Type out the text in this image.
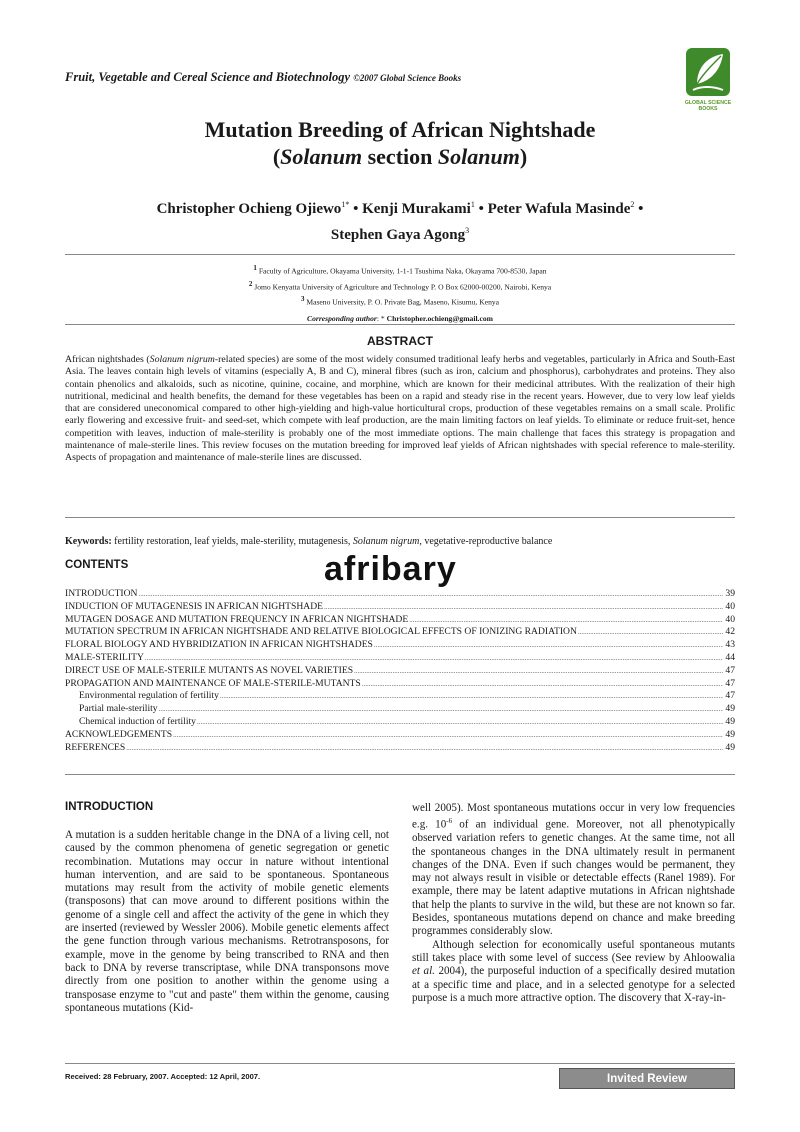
Fruit, Vegetable and Cereal Science and Biotechnology ©2007 Global Science Books
GLOBAL SCIENCE
BOOKS
Mutation Breeding of African Nightshade
(Solanum section Solanum)
Christopher Ochieng Ojiewo$^{1*}$ • Kenji Murakami$^1$ • Peter Wafula Masinde$^2$ •
Stephen Gaya Agong$^3$
$^1$ Faculty of Agriculture, Okayama University, 1-1-1 Tsushima Naka, Okayama 700-8530, Japan
$^2$ Jomo Kenyatta University of Agriculture and Technology P. O Box 62000-00200, Nairobi, Kenya
$^3$ Maseno University, P. O. Private Bag, Maseno, Kisumu, Kenya
Corresponding author: * Christopher.ochieng@gmail.com
ABSTRACT
African nightshades (Solanum nigrum-related species) are some of the most widely consumed traditional leafy herbs and vegetables, particularly in Africa and South-East Asia. The leaves contain high levels of vitamins (especially A, B and C), mineral fibres (such as iron, calcium and phosphorus), carbohydrates and proteins. They also contain phenolics and alkaloids, such as nicotine, quinine, cocaine, and morphine, which are known for their medicinal attributes. With the realization of their high nutritional, medicinal and health benefits, the demand for these vegetables has been on a rapid and steady rise in the recent years. However, due to very low leaf yields that are considered uneconomical compared to other high-yielding and high-value horticultural crops, production of these vegetables remains on a small scale. Prolific early flowering and excessive fruit- and seed-set, which compete with leaf production, are the main limiting factors on leaf yields. To eliminate or reduce fruit-set, hence competition with leaves, induction of male-sterility is probably one of the most immediate options. The main challenge that faces this strategy is propagation and maintenance of male-sterile lines. This review focuses on the mutation breeding for improved leaf yields of African nightshades with special reference to male-sterility. Aspects of propagation and maintenance of male-sterile lines are discussed.
Keywords: fertility restoration, leaf yields, male-sterility, mutagenesis, Solanum nigrum, vegetative-reproductive balance
CONTENTS	afribary
INTRODUCTION .....	39
INDUCTION OF MUTAGENESIS IN AFRICAN NIGHTSHADE .....	40
MUTAGEN DOSAGE AND MUTATION FREQUENCY IN AFRICAN NIGHTSHADE .....	40
MUTATION SPECTRUM IN AFRICAN NIGHTSHADE AND RELATIVE BIOLOGICAL EFFECTS OF IONIZING RADIATION .....	42
FLORAL BIOLOGY AND HYBRIDIZATION IN AFRICAN NIGHTSHADES .....	43
MALE-STERILITY .....	44
DIRECT USE OF MALE-STERILE MUTANTS AS NOVEL VARIETIES .....	47
PROPAGATION AND MAINTENANCE OF MALE-STERILE-MUTANTS .....	47
Environmental regulation of fertility .....	47
Partial male-sterility .....	49
Chemical induction of fertility .....	49
ACKNOWLEDGEMENTS .....	49
REFERENCES .....	49
INTRODUCTION

A mutation is a sudden heritable change in the DNA of a living cell, not caused by the common phenomena of genetic segregation or genetic recombination. Mutations may occur in nature without intentional human intervention, and are said to be spontaneous. Spontaneous mutations may result from the activity of mobile genetic elements (transposons) that can move around to different positions within the genome of a single cell and affect the activity of the gene in which they are inserted (reviewed by Wessler 2006). Mobile genetic elements affect the gene function through various mechanisms. Retrotransposons, for example, move in the genome by being transcribed to RNA and then back to DNA by reverse transcriptase, while DNA transponsons move directly from one position to another within the genome using a transposase enzyme to "cut and paste" them within the genome, causing spontaneous mutations (Kid-

well 2005). Most spontaneous mutations occur in very low frequencies e.g. $10^{-6}$ of an individual gene. Moreover, not all phenotypically observed variation refers to genetic changes. At the same time, not all the spontaneous changes in the DNA ultimately result in permanent changes of the DNA. Even if such changes would be permanent, they may not always result in visible or detectable effects (Ranel 1989). For example, there may be latent adaptive mutations in African nightshade that help the plants to survive in the wild, but these are not known so far. Besides, spontaneous mutations depend on chance and make breeding programmes considerably slow.

Although selection for economically useful spontaneous mutants still takes place with some level of success (See review by Ahloowalia et al. 2004), the purposeful induction of a specifically desired mutation at a specific time and place, and in a selected genotype for a selected purpose is a much more attractive option. The discovery that X-ray-in-

Received: 28 February, 2007. Accepted: 12 April, 2007.	Invited Review
